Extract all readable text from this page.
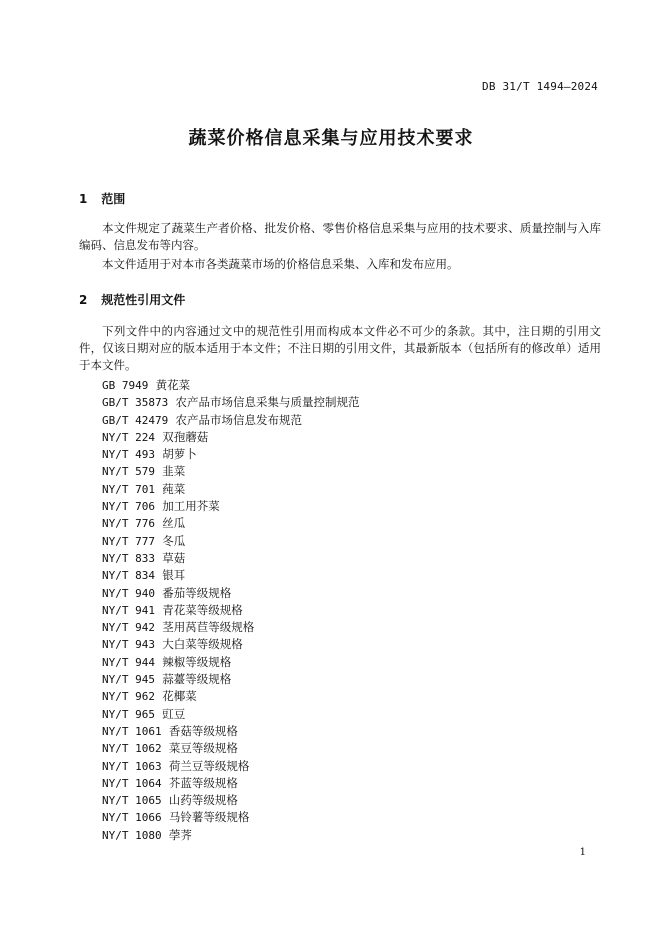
DB 31/T 1494—2024
蔬菜价格信息采集与应用技术要求
1 范围

本文件规定了蔬菜生产者价格、批发价格、零售价格信息采集与应用的技术要求、质量控制与入库编码、信息发布等内容。

本文件适用于对本市各类蔬菜市场的价格信息采集、入库和发布应用。

2 规范性引用文件

下列文件中的内容通过文中的规范性引用而构成本文件必不可少的条款。其中，注日期的引用文件，仅该日期对应的版本适用于本文件；不注日期的引用文件，其最新版本（包括所有的修改单）适用于本文件。

GB 7949 黄花菜
GB/T 35873 农产品市场信息采集与质量控制规范
GB/T 42479 农产品市场信息发布规范
NY/T 224 双孢蘑菇
NY/T 493 胡萝卜
NY/T 579 韭菜
NY/T 701 莼菜
NY/T 706 加工用芥菜
NY/T 776 丝瓜
NY/T 777 冬瓜
NY/T 833 草菇
NY/T 834 银耳
NY/T 940 番茄等级规格
NY/T 941 青花菜等级规格
NY/T 942 茎用莴苣等级规格
NY/T 943 大白菜等级规格
NY/T 944 辣椒等级规格
NY/T 945 蒜薹等级规格
NY/T 962 花椰菜
NY/T 965 豇豆
NY/T 1061 香菇等级规格
NY/T 1062 菜豆等级规格
NY/T 1063 荷兰豆等级规格
NY/T 1064 芥蓝等级规格
NY/T 1065 山药等级规格
NY/T 1066 马铃薯等级规格
NY/T 1080 荸荠
1
